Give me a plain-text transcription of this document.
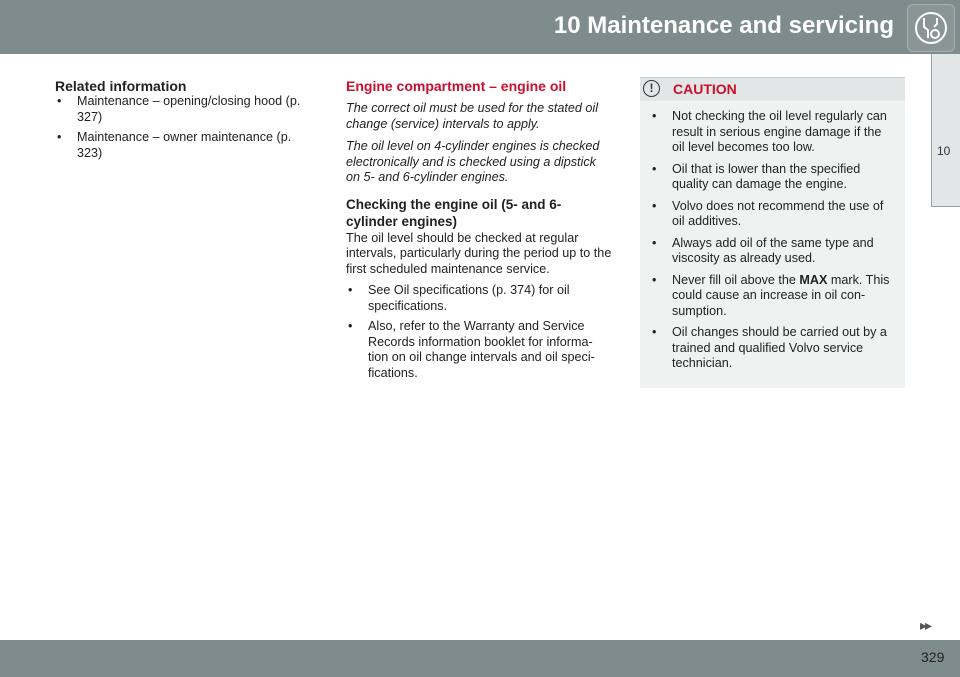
10 Maintenance and servicing
10
Related information
• Maintenance – opening/closing hood (p. 327)
• Maintenance – owner maintenance (p. 323)
Engine compartment – engine oil

The correct oil must be used for the stated oil change (service) intervals to apply.

The oil level on 4-cylinder engines is checked electronically and is checked using a dipstick on 5- and 6-cylinder engines.

Checking the engine oil (5- and 6-cylinder engines)

The oil level should be checked at regular intervals, particularly during the period up to the first scheduled maintenance service.

• See Oil specifications (p. 374) for oil specifications.
• Also, refer to the Warranty and Service Records information booklet for informa-tion on oil change intervals and oil speci-fications.
!	CAUTION
• Not checking the oil level regularly can result in serious engine damage if the oil level becomes too low.
• Oil that is lower than the specified quality can damage the engine.
• Volvo does not recommend the use of oil additives.
• Always add oil of the same type and viscosity as already used.
• Never fill oil above the MAX mark. This could cause an increase in oil con-sumption.
• Oil changes should be carried out by a trained and qualified Volvo service technician.
▸▸
329
